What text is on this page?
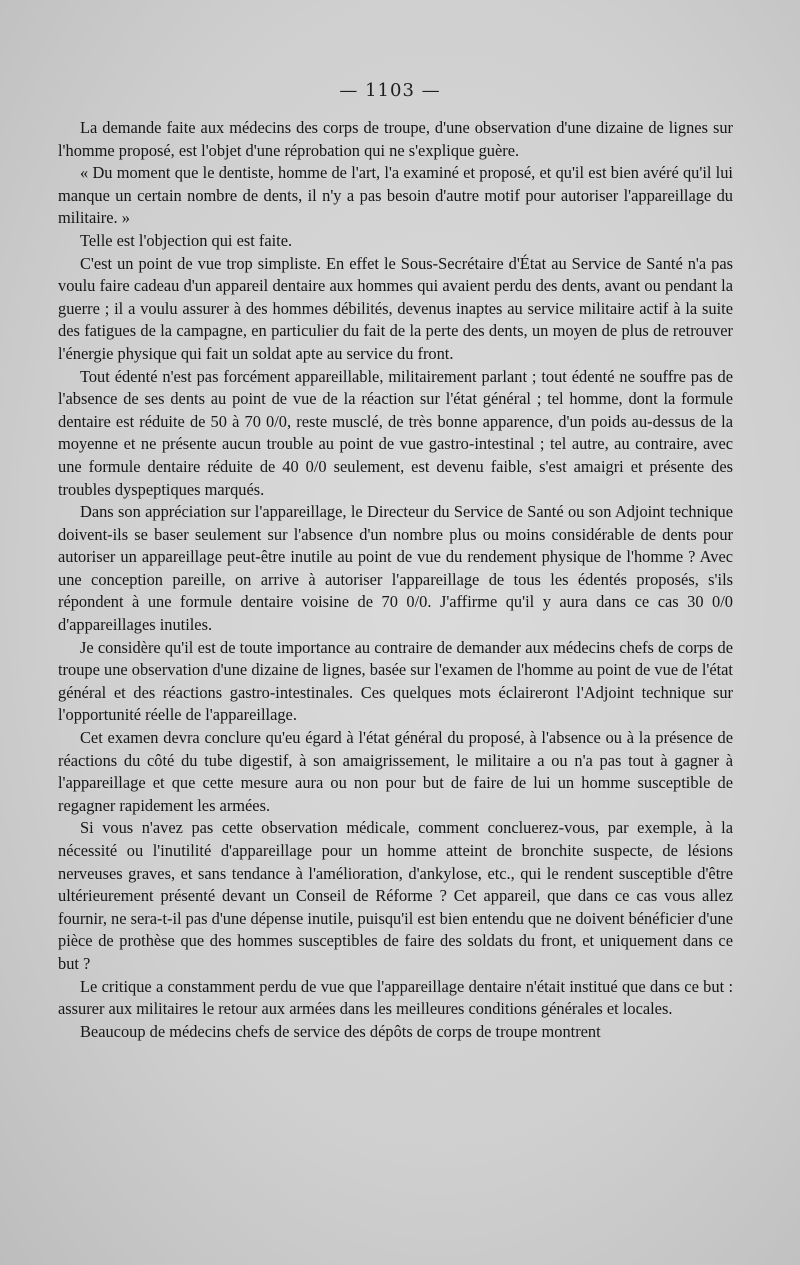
— 1103 —

La demande faite aux médecins des corps de troupe, d'une observation d'une dizaine de lignes sur l'homme proposé, est l'objet d'une réprobation qui ne s'explique guère.

« Du moment que le dentiste, homme de l'art, l'a examiné et proposé, et qu'il est bien avéré qu'il lui manque un certain nombre de dents, il n'y a pas besoin d'autre motif pour autoriser l'appareillage du militaire. »

Telle est l'objection qui est faite.

C'est un point de vue trop simpliste. En effet le Sous-Secrétaire d'État au Service de Santé n'a pas voulu faire cadeau d'un appareil dentaire aux hommes qui avaient perdu des dents, avant ou pendant la guerre ; il a voulu assurer à des hommes débilités, devenus inaptes au service militaire actif à la suite des fatigues de la campagne, en particulier du fait de la perte des dents, un moyen de plus de retrouver l'énergie physique qui fait un soldat apte au service du front.

Tout édenté n'est pas forcément appareillable, militairement parlant ; tout édenté ne souffre pas de l'absence de ses dents au point de vue de la réaction sur l'état général ; tel homme, dont la formule dentaire est réduite de 50 à 70 0/0, reste musclé, de très bonne apparence, d'un poids au-dessus de la moyenne et ne présente aucun trouble au point de vue gastro-intestinal ; tel autre, au contraire, avec une formule dentaire réduite de 40 0/0 seulement, est devenu faible, s'est amaigri et présente des troubles dyspeptiques marqués.

Dans son appréciation sur l'appareillage, le Directeur du Service de Santé ou son Adjoint technique doivent-ils se baser seulement sur l'absence d'un nombre plus ou moins considérable de dents pour autoriser un appareillage peut-être inutile au point de vue du rendement physique de l'homme ? Avec une conception pareille, on arrive à autoriser l'appareillage de tous les édentés proposés, s'ils répondent à une formule dentaire voisine de 70 0/0. J'affirme qu'il y aura dans ce cas 30 0/0 d'appareillages inutiles.

Je considère qu'il est de toute importance au contraire de demander aux médecins chefs de corps de troupe une observation d'une dizaine de lignes, basée sur l'examen de l'homme au point de vue de l'état général et des réactions gastro-intestinales. Ces quelques mots éclaireront l'Adjoint technique sur l'opportunité réelle de l'appareillage.

Cet examen devra conclure qu'eu égard à l'état général du proposé, à l'absence ou à la présence de réactions du côté du tube digestif, à son amaigrissement, le militaire a ou n'a pas tout à gagner à l'appareillage et que cette mesure aura ou non pour but de faire de lui un homme susceptible de regagner rapidement les armées.

Si vous n'avez pas cette observation médicale, comment concluerez-vous, par exemple, à la nécessité ou l'inutilité d'appareillage pour un homme atteint de bronchite suspecte, de lésions nerveuses graves, et sans tendance à l'amélioration, d'ankylose, etc., qui le rendent susceptible d'être ultérieurement présenté devant un Conseil de Réforme ? Cet appareil, que dans ce cas vous allez fournir, ne sera-t-il pas d'une dépense inutile, puisqu'il est bien entendu que ne doivent bénéficier d'une pièce de prothèse que des hommes susceptibles de faire des soldats du front, et uniquement dans ce but ?

Le critique a constamment perdu de vue que l'appareillage dentaire n'était institué que dans ce but : assurer aux militaires le retour aux armées dans les meilleures conditions générales et locales.

Beaucoup de médecins chefs de service des dépôts de corps de troupe montrent
